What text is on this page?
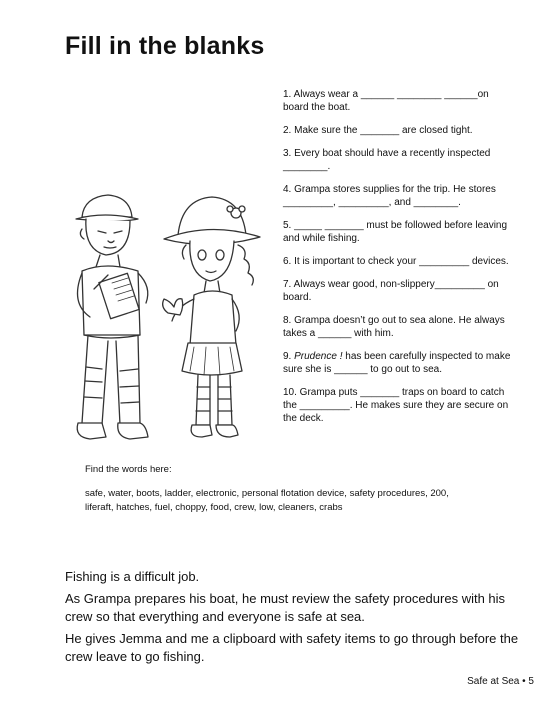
Fill in the blanks

1. Always wear a ______ ________ ______on board the boat.

2. Make sure the _______ are closed tight.

3. Every boat should have a recently inspected ________.

4. Grampa stores supplies for the trip. He stores _________, _________, and ________.

5. _____ _______ must be followed before leaving and while fishing.

6. It is important to check your _________ devices.

7. Always wear good, non-slippery_________ on board.

8. Grampa doesn’t go out to sea alone. He always takes a ______ with him.

9. Prudence ! has been carefully inspected to make sure she is ______ to go out to sea.

10. Grampa puts _______ traps on board to catch the _________. He makes sure they are secure on the deck.

Find the words here:
safe, water, boots, ladder, electronic, personal flotation device, safety procedures, 200, liferaft, hatches, fuel, choppy, food, crew, low, cleaners, crabs

Fishing is a difficult job.

As Grampa prepares his boat, he must review the safety procedures with his crew so that everything and everyone is safe at sea.

He gives Jemma and me a clipboard with safety items to go through before the crew leave to go fishing.

Safe at Sea • 5
